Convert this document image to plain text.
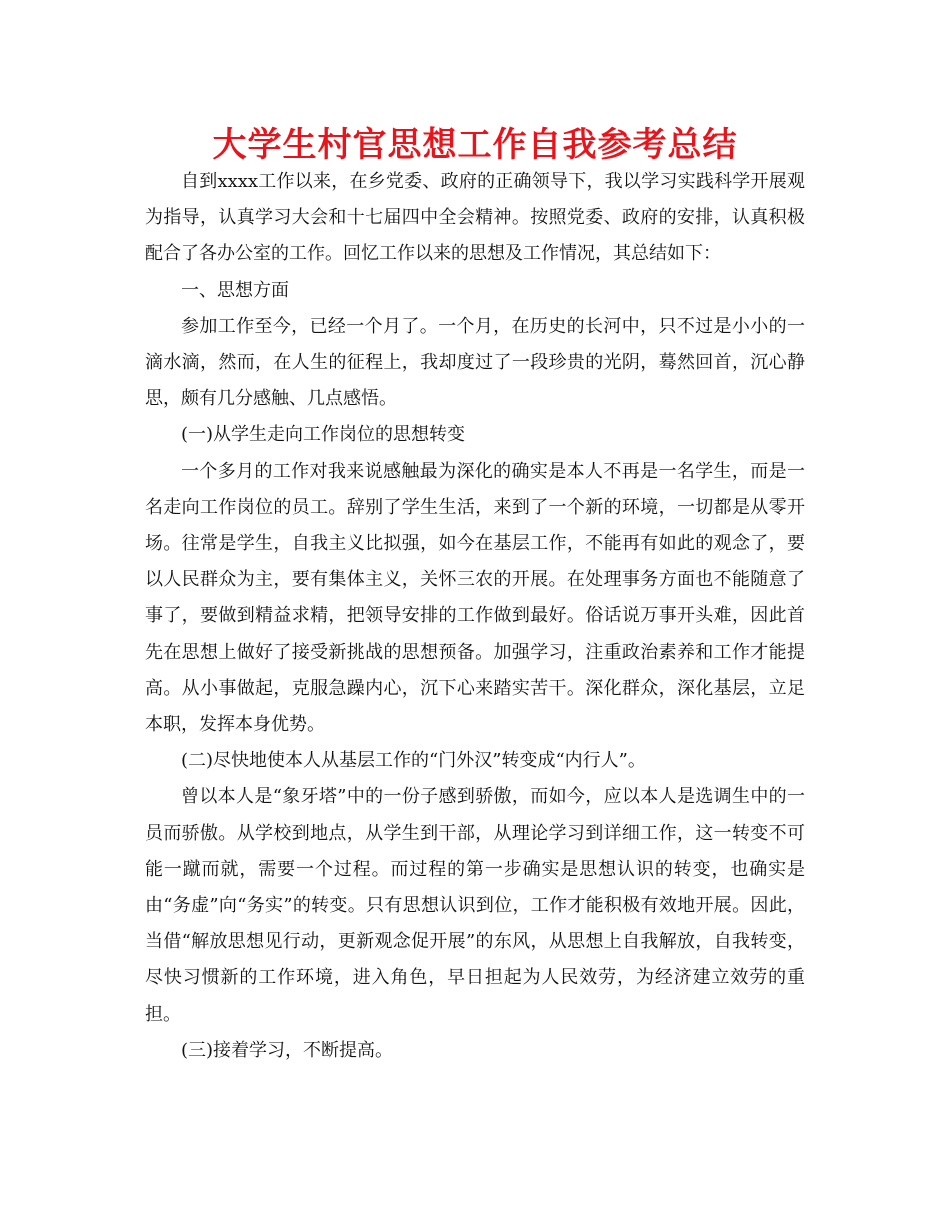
大学生村官思想工作自我参考总结

自到xxxx工作以来，在乡党委、政府的正确领导下，我以学习实践科学开展观为指导，认真学习大会和十七届四中全会精神。按照党委、政府的安排，认真积极配合了各办公室的工作。回忆工作以来的思想及工作情况，其总结如下：

一、思想方面

参加工作至今，已经一个月了。一个月，在历史的长河中，只不过是小小的一滴水滴，然而，在人生的征程上，我却度过了一段珍贵的光阴，蓦然回首，沉心静思，颇有几分感触、几点感悟。

(一)从学生走向工作岗位的思想转变

一个多月的工作对我来说感触最为深化的确实是本人不再是一名学生，而是一名走向工作岗位的员工。辞别了学生生活，来到了一个新的环境，一切都是从零开场。往常是学生，自我主义比拟强，如今在基层工作，不能再有如此的观念了，要以人民群众为主，要有集体主义，关怀三农的开展。在处理事务方面也不能随意了事了，要做到精益求精，把领导安排的工作做到最好。俗话说万事开头难，因此首先在思想上做好了接受新挑战的思想预备。加强学习，注重政治素养和工作才能提高。从小事做起，克服急躁内心，沉下心来踏实苦干。深化群众，深化基层，立足本职，发挥本身优势。

(二)尽快地使本人从基层工作的“门外汉”转变成“内行人”。

曾以本人是“象牙塔”中的一份子感到骄傲，而如今，应以本人是选调生中的一员而骄傲。从学校到地点，从学生到干部，从理论学习到详细工作，这一转变不可能一蹴而就，需要一个过程。而过程的第一步确实是思想认识的转变，也确实是由“务虚”向“务实”的转变。只有思想认识到位，工作才能积极有效地开展。因此，当借“解放思想见行动，更新观念促开展”的东风，从思想上自我解放，自我转变，尽快习惯新的工作环境，进入角色，早日担起为人民效劳，为经济建立效劳的重担。

(三)接着学习，不断提高。
